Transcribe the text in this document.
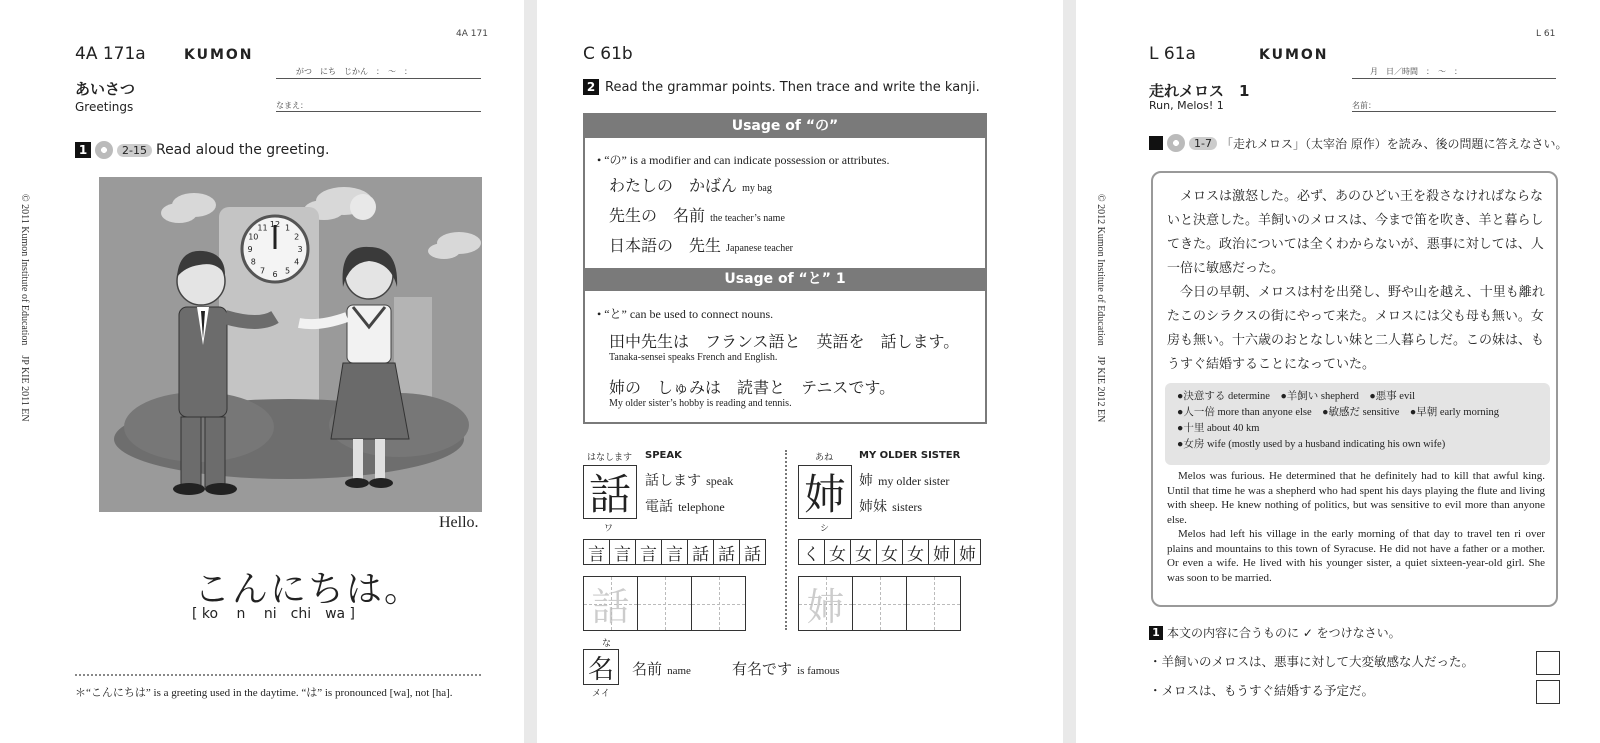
4A 171
4A 171a	KUMON
がつ　にち　じかん　：　〜　：
なまえ：
あいさつ
Greetings
1	2-15 Read aloud the greeting.
12 1
2
3
4
5
6
7
8
9
10
11
Hello.
こんにちは。
[ ko　 n　 ni　chi　wa ]
＊“こんにちは” is a greeting used in the daytime. “は” is pronounced [wa], not [ha].
© 2011 Kumon Institute of Education　JP KIE 2011 EN
C 61b
2 Read the grammar points. Then trace and write the kanji.
Usage of “の”
• “の” is a modifier and can indicate possession or attributes.
わたしの　かばん my bag
先生の　名前 the teacher’s name
日本語の　先生 Japanese teacher
Usage of “と” 1
• “と” can be used to connect nouns.
田中先生は　フランス語と　英語を　話します。
Tanaka-sensei speaks French and English.
姉の　しゅみは　読書と　テニスです。
My older sister’s hobby is reading and tennis.
はなします SPEAK
話
ワ
話します speak
電話 telephone
言 言 言 言 話 話 話
話
あね	MY OLDER SISTER
姉
シ
姉 my older sister
姉妹 sisters
く 女 女 女 女 姉 姉
姉
な
名
メイ
名前 name	有名です is famous
L 61
L 61a	KUMON
月　日／時間　：　〜　：
名前：
走れメロス　1
Run, Melos! 1
1-7 「走れメロス」（太宰治 原作）を読み、後の問題に答えなさい。
メロスは激怒した。必ず、あのひどい王を殺さなければならないと決意した。羊飼いのメロスは、今まで笛を吹き、羊と暮らしてきた。政治については全くわからないが、悪事に対しては、人一倍に敏感だった。
今日の早朝、メロスは村を出発し、野や山を越え、十里も離れたこのシラクスの街にやって来た。メロスには父も母も無い。女房も無い。十六歳のおとなしい妹と二人暮らしだ。この妹は、もうすぐ結婚することになっていた。
●決意する determine　●羊飼い shepherd　●悪事 evil
●人一倍 more than anyone else　●敏感だ sensitive　●早朝 early morning
●十里 about 40 km
●女房 wife (mostly used by a husband indicating his own wife)
Melos was furious. He determined that he definitely had to kill that awful king. Until that time he was a shepherd who had spent his days playing the flute and living with sheep. He knew nothing of politics, but was sensitive to evil more than anyone else.
Melos had left his village in the early morning of that day to travel ten ri over plains and mountains to this town of Syracuse. He did not have a father or a mother. Or even a wife. He lived with his younger sister, a quiet sixteen-year-old girl. She was soon to be married.
1 本文の内容に合うものに ✓ をつけなさい。
・羊飼いのメロスは、悪事に対して大変敏感な人だった。
・メロスは、もうすぐ結婚する予定だ。
© 2012 Kumon Institute of Education　JP KIE 2012 EN
